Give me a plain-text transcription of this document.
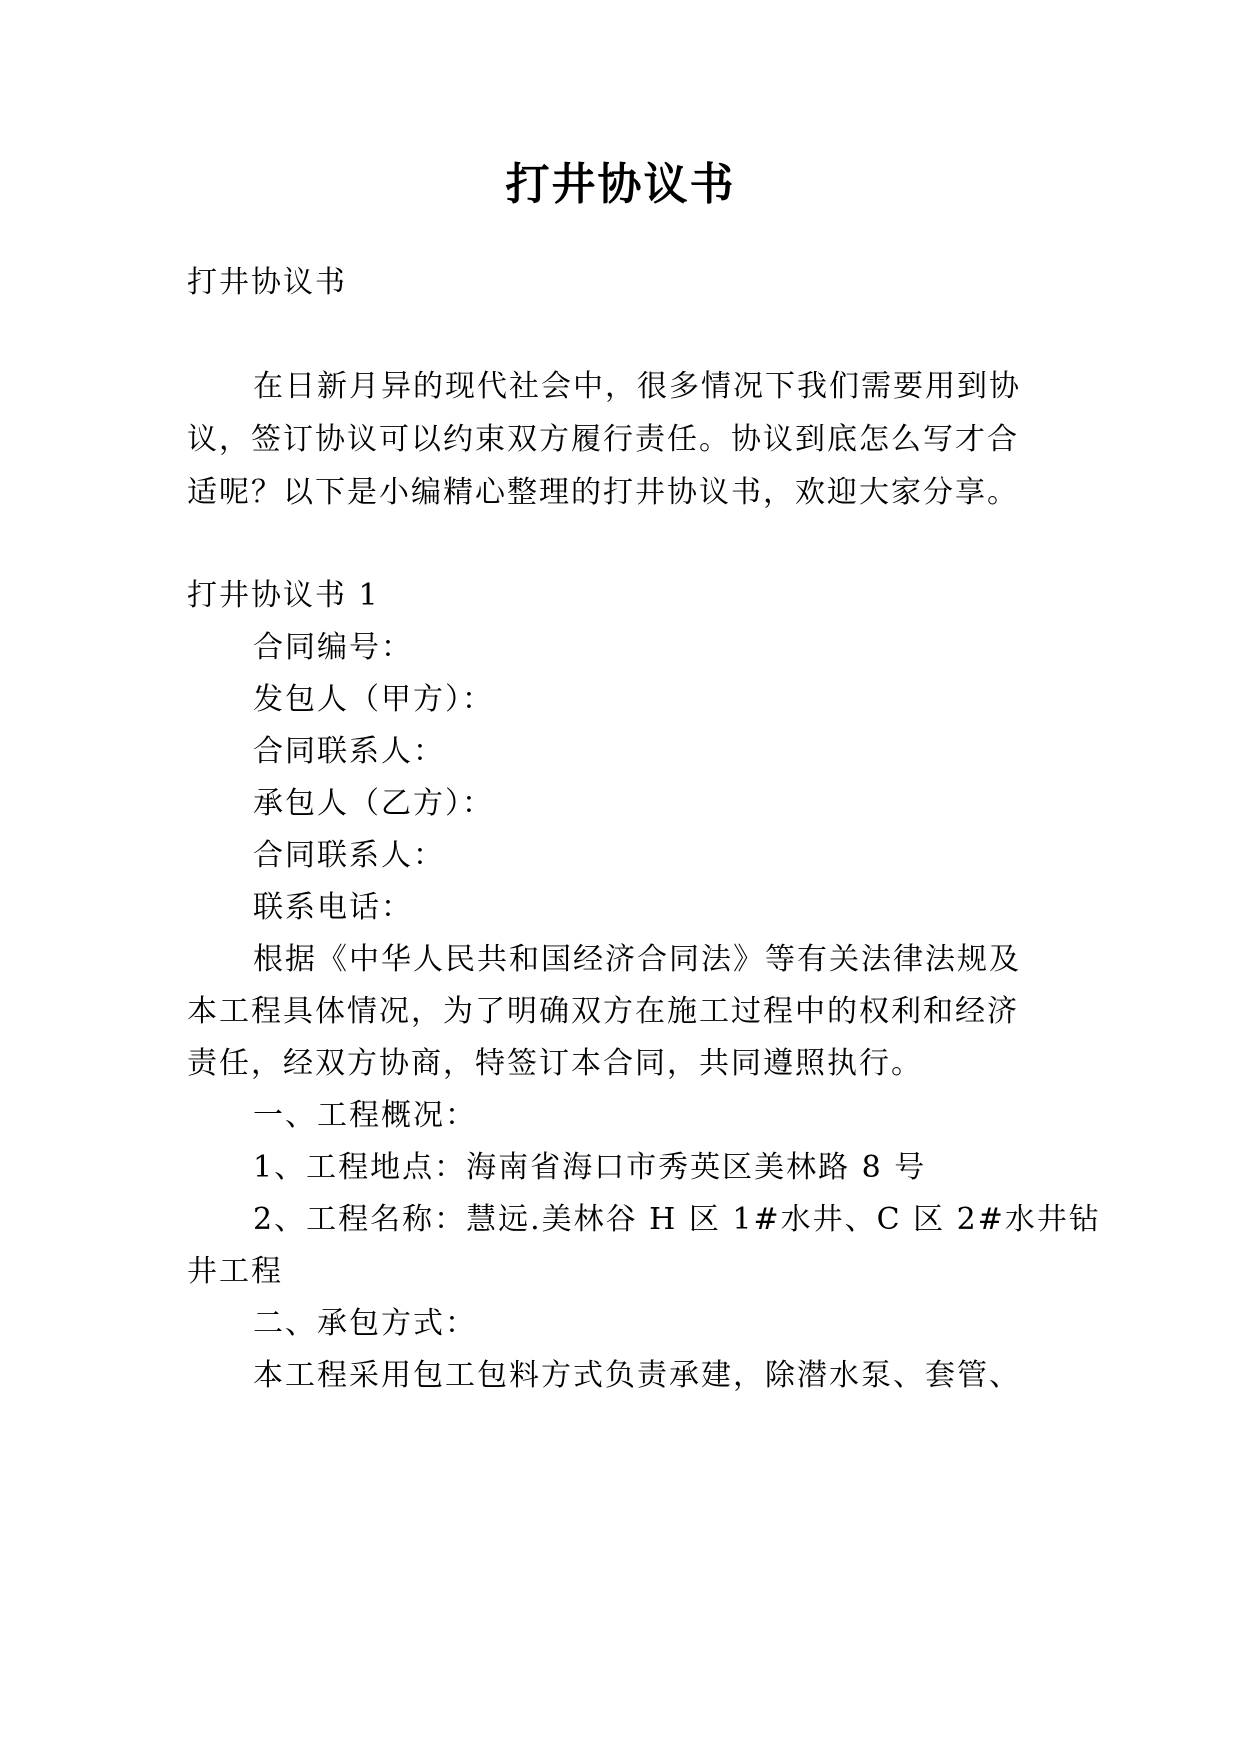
打井协议书

打井协议书

在日新月异的现代社会中，很多情况下我们需要用到协

议，签订协议可以约束双方履行责任。协议到底怎么写才合

适呢？以下是小编精心整理的打井协议书，欢迎大家分享。

打井协议书 1

合同编号：

发包人（甲方）：

合同联系人：

承包人（乙方）：

合同联系人：

联系电话：

根据《中华人民共和国经济合同法》等有关法律法规及

本工程具体情况，为了明确双方在施工过程中的权利和经济

责任，经双方协商，特签订本合同，共同遵照执行。

一、工程概况：

1、工程地点：海南省海口市秀英区美林路 8 号

2、工程名称：慧远.美林谷 H 区 1#水井、C 区 2#水井钻

井工程

二、承包方式：

本工程采用包工包料方式负责承建，除潜水泵、套管、
